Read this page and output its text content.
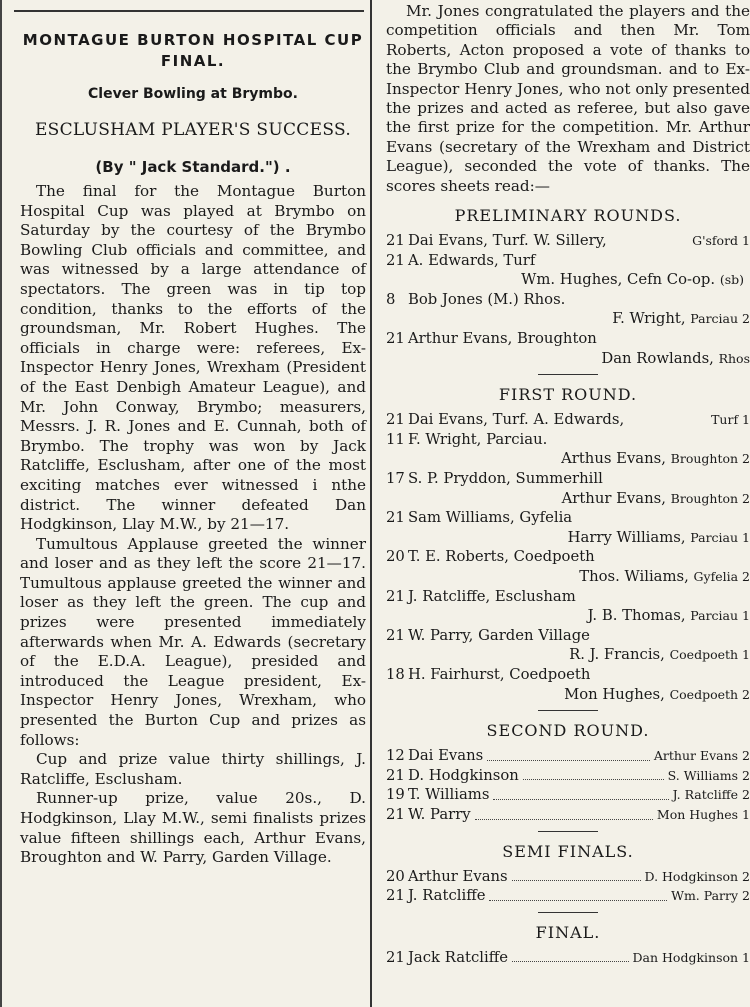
MONTAGUE BURTON HOSPITAL CUP
FINAL.
Clever Bowling at Brymbo.
ESCLUSHAM PLAYER'S SUCCESS.
(By " Jack Standard.") .

The final for the Montague Burton Hospital Cup was played at Brymbo on Saturday by the courtesy of the Brymbo Bowling Club officials and committee, and was witnessed by a large attendance of spectators. The green was in tip top condition, thanks to the efforts of the groundsman, Mr. Robert Hughes. The officials in charge were: referees, Ex-Inspector Henry Jones, Wrexham (President of the East Denbigh Amateur League), and Mr. John Conway, Brymbo; measurers, Messrs. J. R. Jones and E. Cunnah, both of Brymbo. The trophy was won by Jack Ratcliffe, Esclusham, after one of the most exciting matches ever witnessed i nthe district. The winner defeated Dan Hodgkinson, Llay M.W., by 21—17.

Tumultous Applause greeted the winner and loser and as they left the score 21—17. Tumultous applause greeted the winner and loser as they left the green. The cup and prizes were presented immediately afterwards when Mr. A. Edwards (secretary of the E.D.A. League), presided and introduced the League president, Ex-Inspector Henry Jones, Wrexham, who presented the Burton Cup and prizes as follows:

Cup and prize value thirty shillings, J. Ratcliffe, Esclusham.

Runner-up prize, value 20s., D. Hodgkinson, Llay M.W., semi finalists prizes value fifteen shillings each, Arthur Evans, Broughton and W. Parry, Garden Village.

Mr. Jones congratulated the players and the competition officials and then Mr. Tom Roberts, Acton proposed a vote of thanks to the Brymbo Club and groundsman. and to Ex-Inspector Henry Jones, who not only presented the prizes and acted as referee, but also gave the first prize for the competition. Mr. Arthur Evans (secretary of the Wrexham and District League), seconded the vote of thanks. The scores sheets read:—

PRELIMINARY ROUNDS.
21 Dai Evans, Turf. W. Sillery,	G'sford 1
21 A. Edwards, Turf
Wm. Hughes, Cefn Co-op. (sb)
8 Bob Jones (M.) Rhos.
F. Wright, Parciau 2
21 Arthur Evans, Broughton
Dan Rowlands, Rhos
FIRST ROUND.
21 Dai Evans, Turf. A. Edwards,	Turf 1
11 F. Wright, Parciau.
Arthus Evans, Broughton 2
17 S. P. Pryddon, Summerhill
Arthur Evans, Broughton 2
21 Sam Williams, Gyfelia
Harry Williams, Parciau 1
20 T. E. Roberts, Coedpoeth
Thos. Wiliams, Gyfelia 2
21 J. Ratcliffe, Esclusham
J. B. Thomas, Parciau 1
21 W. Parry, Garden Village
R. J. Francis, Coedpoeth 1
18 H. Fairhurst, Coedpoeth
Mon Hughes, Coedpoeth 2
SECOND ROUND.
12 Dai Evans	Arthur Evans 2
21 D. Hodgkinson	S. Williams 2
19 T. Williams	J. Ratcliffe 2
21 W. Parry	Mon Hughes 1
SEMI FINALS.
20 Arthur Evans	D. Hodgkinson 2
21 J. Ratcliffe	Wm. Parry 2
FINAL.
21 Jack Ratcliffe	Dan Hodgkinson 1
